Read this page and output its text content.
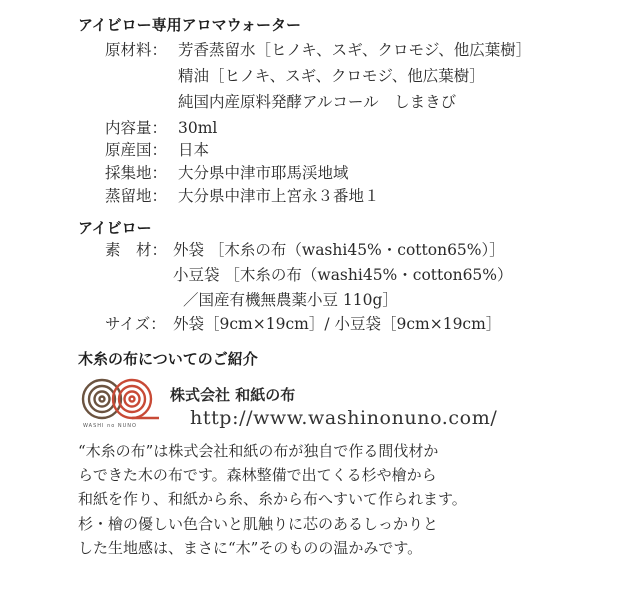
アイビロー専用アロマウォーター
原材料： 芳香蒸留水［ヒノキ、スギ、クロモジ、他広葉樹］
精油［ヒノキ、スギ、クロモジ、他広葉樹］
純国内産原料発酵アルコール　しまきび
内容量： 30ml
原産国： 日本
採集地： 大分県中津市耶馬渓地域
蒸留地： 大分県中津市上宮永３番地１
アイビロー
素　材： 外袋 ［木糸の布（washi45%・cotton65%）］
小豆袋 ［木糸の布（washi45%・cotton65%）
／国産有機無農薬小豆 110g］
サイズ： 外袋［9cm×19cm］/ 小豆袋［9cm×19cm］
木糸の布についてのご紹介
WASHI no NUNO
株式会社 和紙の布
http://www.washinonuno.com/
“木糸の布”は株式会社和紙の布が独自で作る間伐材か
らできた木の布です。森林整備で出てくる杉や檜から
和紙を作り、和紙から糸、糸から布へすいて作られます。
杉・檜の優しい色合いと肌触りに芯のあるしっかりと
した生地感は、まさに“木”そのものの温かみです。
